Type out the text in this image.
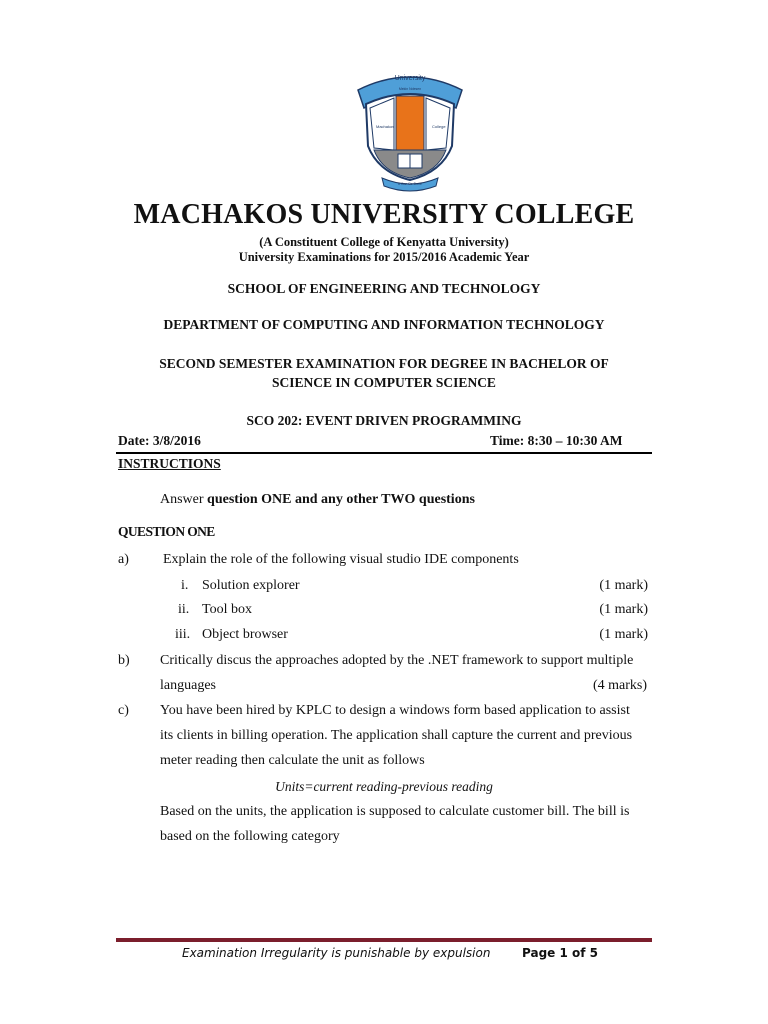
University
Mekin Ndesen
Machakos	College
It Can Be Done
MACHAKOS UNIVERSITY COLLEGE
(A Constituent College of Kenyatta University)
University Examinations for 2015/2016 Academic Year
SCHOOL OF ENGINEERING AND TECHNOLOGY
DEPARTMENT OF COMPUTING AND INFORMATION TECHNOLOGY
SECOND SEMESTER EXAMINATION FOR DEGREE IN BACHELOR OF
SCIENCE IN COMPUTER SCIENCE
SCO 202: EVENT DRIVEN PROGRAMMING
Date: 3/8/2016	Time: 8:30 – 10:30 AM
INSTRUCTIONS
Answer question ONE and any other TWO questions
QUESTION ONE
a) Explain the role of the following visual studio IDE components
i. Solution explorer	(1 mark)
ii. Tool box	(1 mark)
iii. Object browser	(1 mark)
b) Critically discus the approaches adopted by the .NET framework to support multiple
languages	(4 marks)
c) You have been hired by KPLC to design a windows form based application to assist
its clients in billing operation. The application shall capture the current and previous
meter reading then calculate the unit as follows
Units=current reading-previous reading
Based on the units, the application is supposed to calculate customer bill. The bill is
based on the following category
Examination Irregularity is punishable by expulsion	Page 1 of 5
